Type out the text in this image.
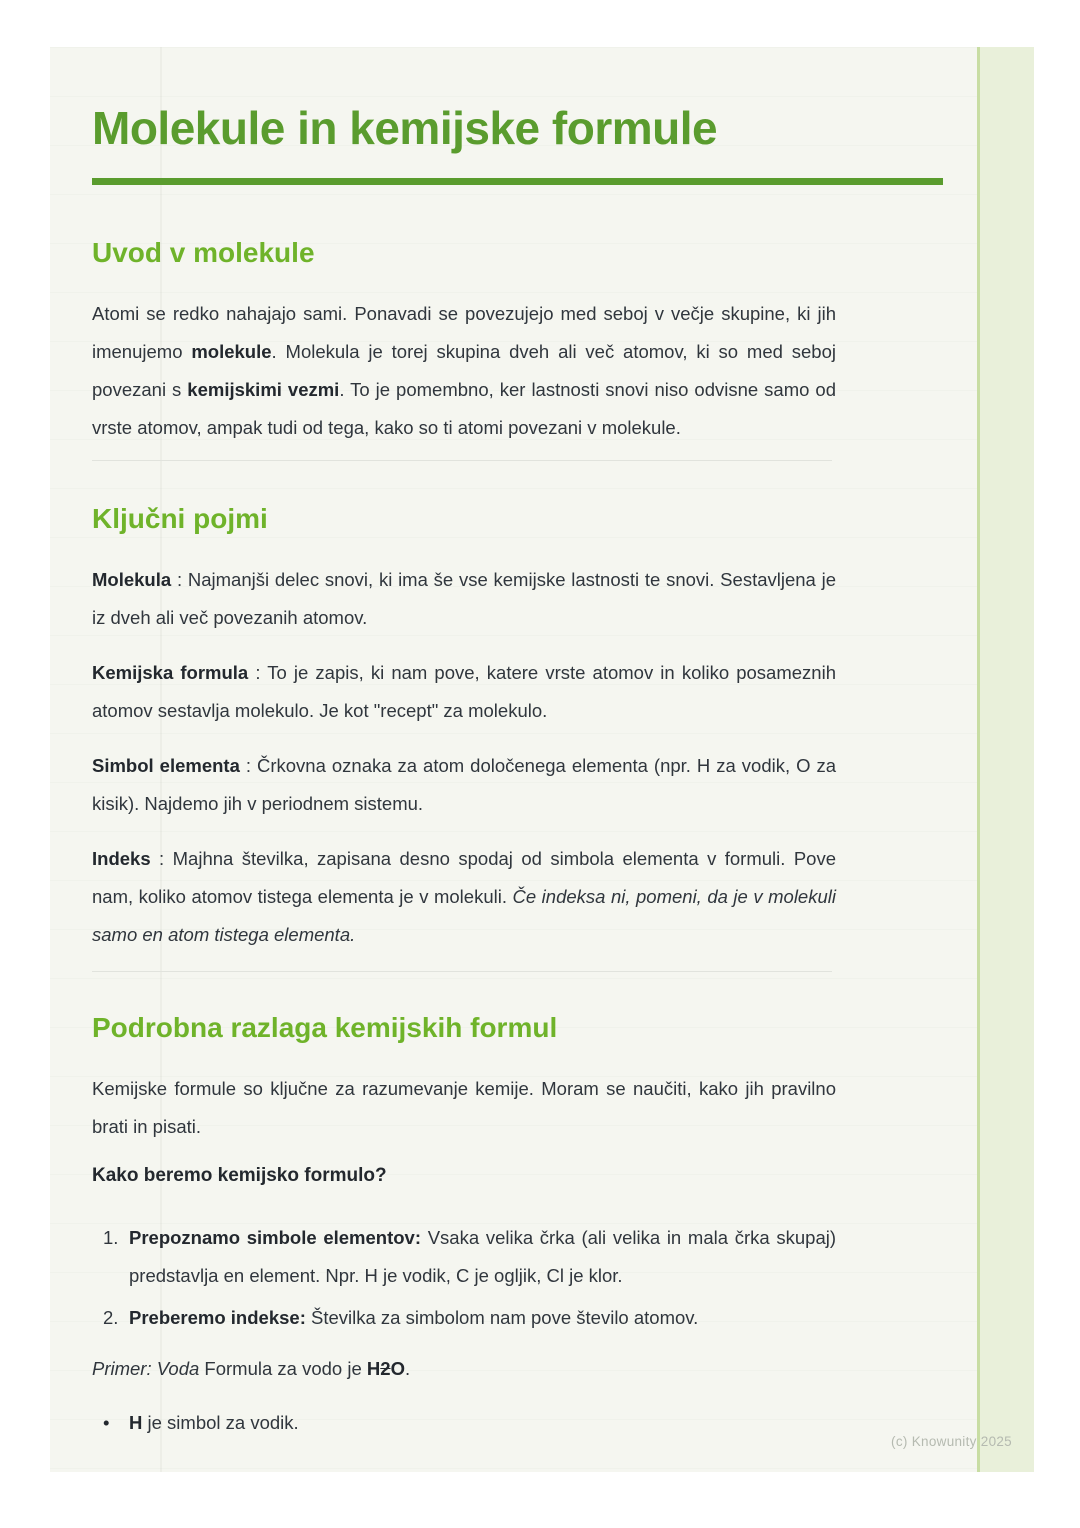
Molekule in kemijske formule
Uvod v molekule

Atomi se redko nahajajo sami. Ponavadi se povezujejo med seboj v večje skupine, ki jih imenujemo molekule. Molekula je torej skupina dveh ali več atomov, ki so med seboj povezani s kemijskimi vezmi. To je pomembno, ker lastnosti snovi niso odvisne samo od vrste atomov, ampak tudi od tega, kako so ti atomi povezani v molekule.

Ključni pojmi

Molekula : Najmanjši delec snovi, ki ima še vse kemijske lastnosti te snovi. Sestavljena je iz dveh ali več povezanih atomov.

Kemijska formula : To je zapis, ki nam pove, katere vrste atomov in koliko posameznih atomov sestavlja molekulo. Je kot "recept" za molekulo.

Simbol elementa : Črkovna oznaka za atom določenega elementa (npr. H za vodik, O za kisik). Najdemo jih v periodnem sistemu.

Indeks : Majhna številka, zapisana desno spodaj od simbola elementa v formuli. Pove nam, koliko atomov tistega elementa je v molekuli. Če indeksa ni, pomeni, da je v molekuli samo en atom tistega elementa.

Podrobna razlaga kemijskih formul

Kemijske formule so ključne za razumevanje kemije. Moram se naučiti, kako jih pravilno brati in pisati.

Kako beremo kemijsko formulo?

1. Prepoznamo simbole elementov: Vsaka velika črka (ali velika in mala črka skupaj) predstavlja en element. Npr. H je vodik, C je ogljik, Cl je klor.
2. Preberemo indekse: Številka za simbolom nam pove število atomov.

Primer: Voda Formula za vodo je H2O.

•	H je simbol za vodik.
(c) Knowunity 2025
